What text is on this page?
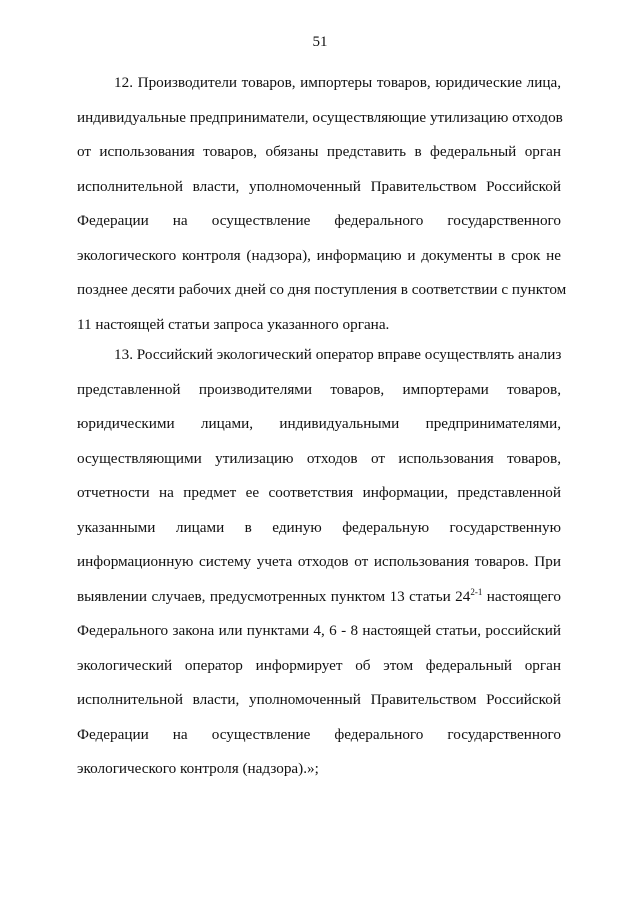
51
12. Производители товаров, импортеры товаров, юридические лица,
индивидуальные предприниматели, осуществляющие утилизацию отходов
от использования товаров, обязаны представить в федеральный орган
исполнительной власти, уполномоченный Правительством Российской
Федерации на осуществление федерального государственного
экологического контроля (надзора), информацию и документы в срок не
позднее десяти рабочих дней со дня поступления в соответствии с пунктом
11 настоящей статьи запроса указанного органа.
13. Российский экологический оператор вправе осуществлять анализ
представленной производителями товаров, импортерами товаров,
юридическими лицами, индивидуальными предпринимателями,
осуществляющими утилизацию отходов от использования товаров,
отчетности на предмет ее соответствия информации, представленной
указанными лицами в единую федеральную государственную
информационную систему учета отходов от использования товаров. При
выявлении случаев, предусмотренных пунктом 13 статьи 24$^{2-1}$ настоящего
Федерального закона или пунктами 4, 6 - 8 настоящей статьи, российский
экологический оператор информирует об этом федеральный орган
исполнительной власти, уполномоченный Правительством Российской
Федерации на осуществление федерального государственного
экологического контроля (надзора).»;
